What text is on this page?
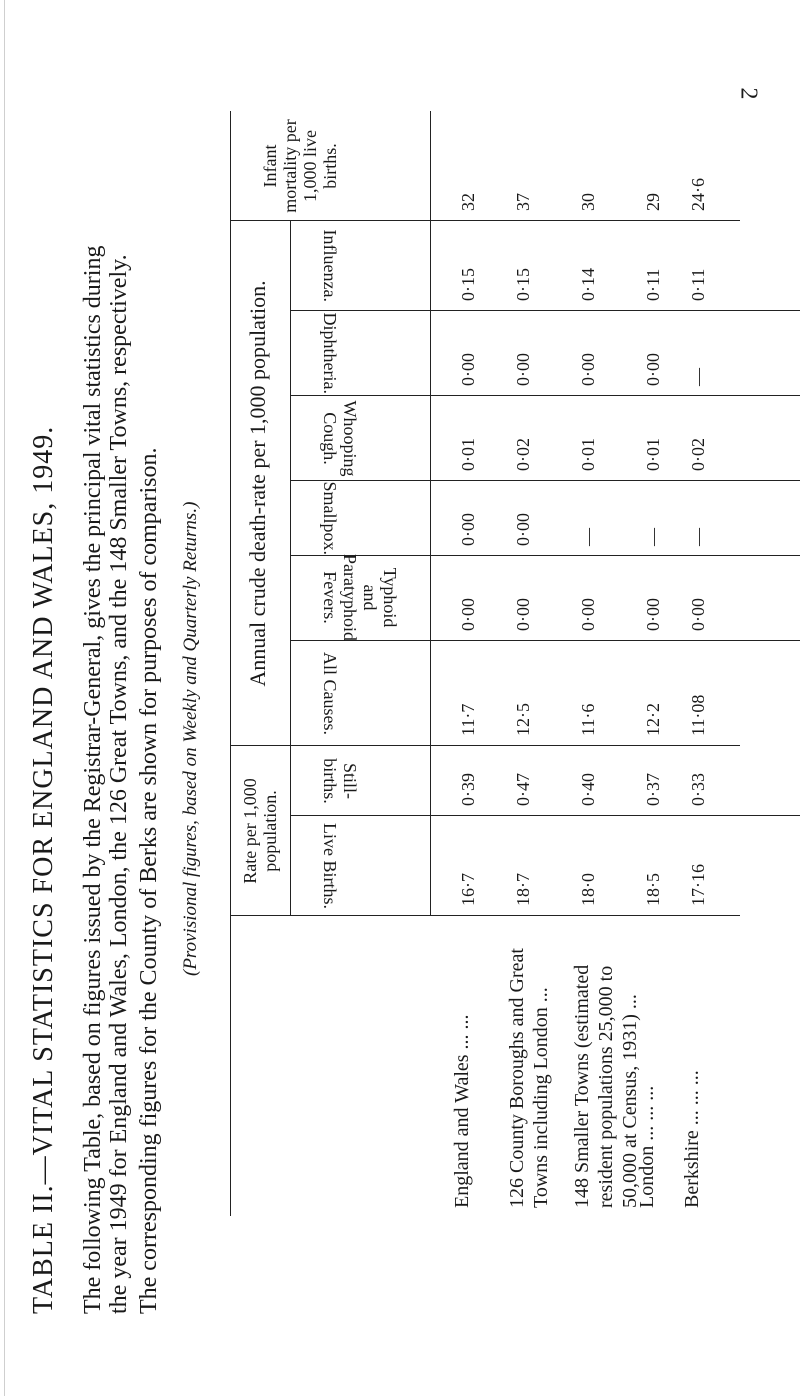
2
TABLE II.—VITAL STATISTICS FOR ENGLAND AND WALES, 1949. The following Table, based on figures issued by the Registrar-General, gives the principal vital statistics during the year 1949 for England and Wales, London, the 126 Great Towns, and the 148 Smaller Towns, respectively. The corresponding figures for the County of Berks are shown for purposes of comparison. (Provisional figures, based on Weekly and Quarterly Returns.) Rate per 1,000 population.
Annual crude death-rate per 1,000 population.
Live Births.
Still-births.
All Causes.
Typhoid and Paratyphoid Fevers.
Smallpox.
Whooping Cough.
Diphtheria.
Influenza.
Infant mortality per 1,000 live births.
England and Wales ... ...
16·7
0·39
11·7
0·00
0·00
0·01
0·00
0·15
32
126 County Boroughs and Great Towns including London ...
18·7
0·47
12·5
0·00
0·00
0·02
0·00
0·15
37
148 Smaller Towns (estimated resident populations 25,000 to 50,000 at Census, 1931) ...
18·0
0·40
11·6
0·00
—
0·01
0·00
0·14
30
London ... ... ...
18·5
0·37
12·2
0·00
—
0·01
0·00
0·11
29
Berkshire ... ... ...
17·16
0·33
11·08
0·00
—
0·02
—
0·11
24·6
